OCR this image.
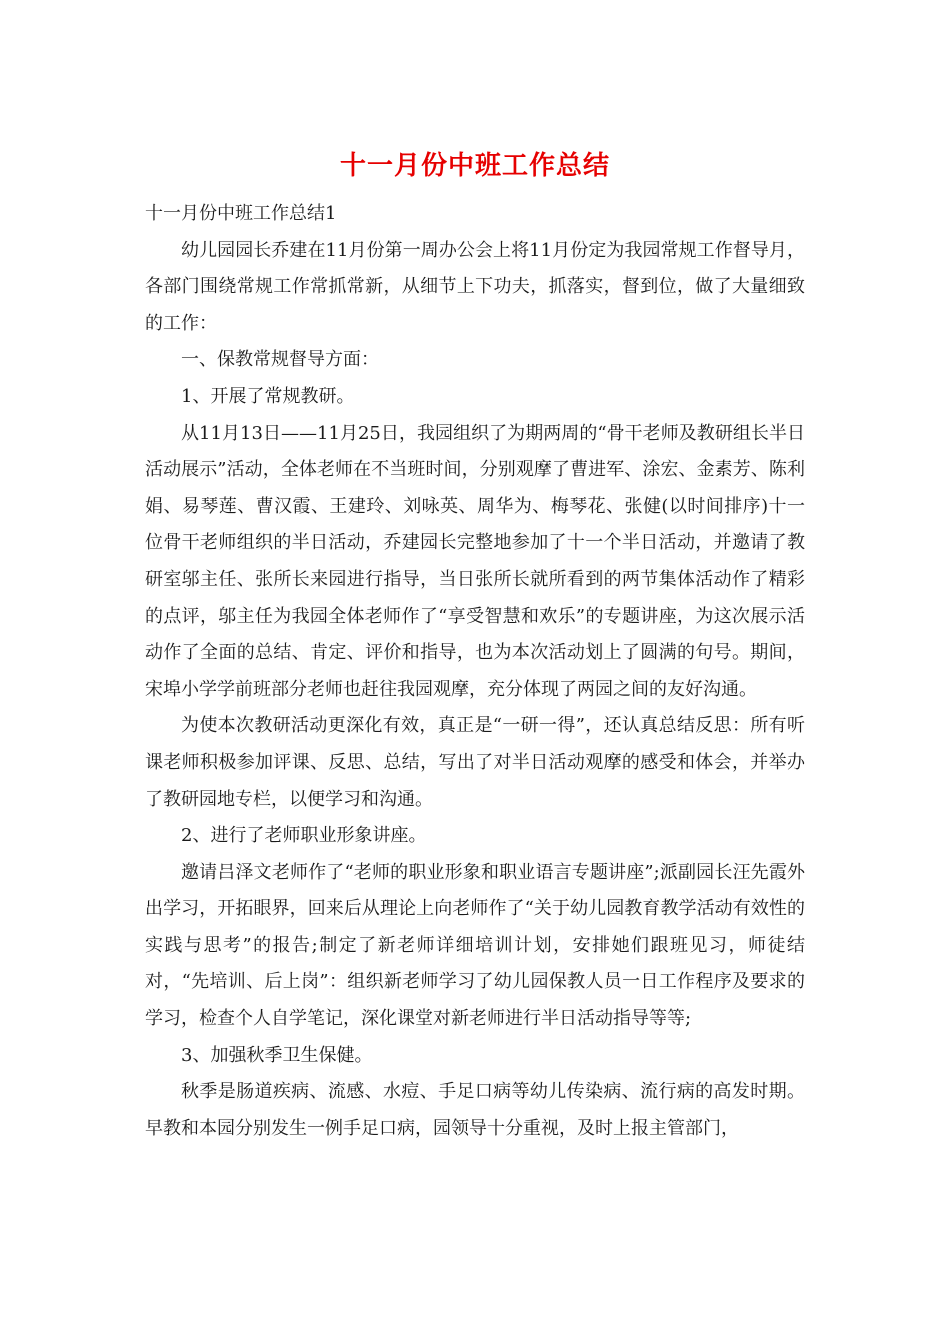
十一月份中班工作总结

十一月份中班工作总结1

幼儿园园长乔建在11月份第一周办公会上将11月份定为我园常规工作督导月，各部门围绕常规工作常抓常新，从细节上下功夫，抓落实，督到位，做了大量细致的工作：

一、保教常规督导方面：

1、开展了常规教研。

从11月13日——11月25日，我园组织了为期两周的“骨干老师及教研组长半日活动展示”活动，全体老师在不当班时间，分别观摩了曹进军、涂宏、金素芳、陈利娟、易琴莲、曹汉霞、王建玲、刘咏英、周华为、梅琴花、张健(以时间排序)十一位骨干老师组织的半日活动，乔建园长完整地参加了十一个半日活动，并邀请了教研室邬主任、张所长来园进行指导，当日张所长就所看到的两节集体活动作了精彩的点评，邬主任为我园全体老师作了“享受智慧和欢乐”的专题讲座，为这次展示活动作了全面的总结、肯定、评价和指导，也为本次活动划上了圆满的句号。期间，宋埠小学学前班部分老师也赶往我园观摩，充分体现了两园之间的友好沟通。

为使本次教研活动更深化有效，真正是“一研一得”，还认真总结反思：所有听课老师积极参加评课、反思、总结，写出了对半日活动观摩的感受和体会，并举办了教研园地专栏，以便学习和沟通。

2、进行了老师职业形象讲座。

邀请吕泽文老师作了“老师的职业形象和职业语言专题讲座”;派副园长汪先霞外出学习，开拓眼界，回来后从理论上向老师作了“关于幼儿园教育教学活动有效性的实践与思考”的报告;制定了新老师详细培训计划，安排她们跟班见习，师徒结对，“先培训、后上岗”：组织新老师学习了幼儿园保教人员一日工作程序及要求的学习，检查个人自学笔记，深化课堂对新老师进行半日活动指导等等;

3、加强秋季卫生保健。

秋季是肠道疾病、流感、水痘、手足口病等幼儿传染病、流行病的高发时期。早教和本园分别发生一例手足口病，园领导十分重视，及时上报主管部门，
